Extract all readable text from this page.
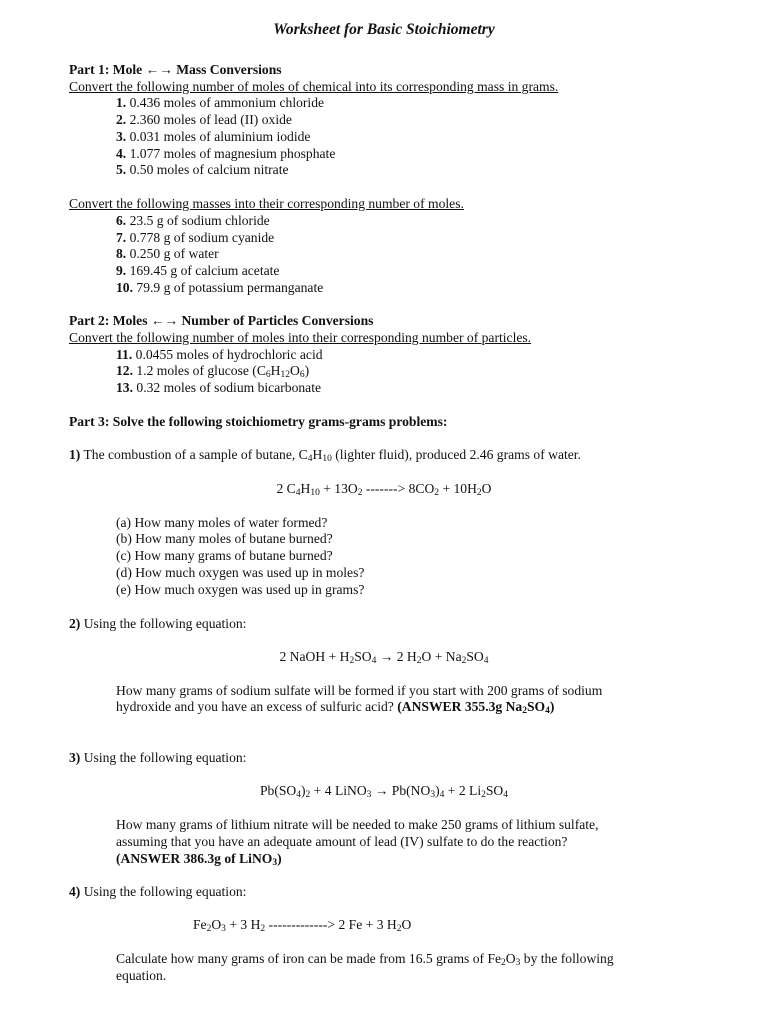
Worksheet for Basic Stoichiometry
Part 1: Mole ←→ Mass Conversions
Convert the following number of moles of chemical into its corresponding mass in grams.
1. 0.436 moles of ammonium chloride
2. 2.360 moles of lead (II) oxide
3. 0.031 moles of aluminium iodide
4. 1.077 moles of magnesium phosphate
5. 0.50 moles of calcium nitrate
Convert the following masses into their corresponding number of moles.
6. 23.5 g of sodium chloride
7. 0.778 g of sodium cyanide
8. 0.250 g of water
9. 169.45 g of calcium acetate
10. 79.9 g of potassium permanganate
Part 2: Moles ←→ Number of Particles Conversions
Convert the following number of moles into their corresponding number of particles.
11. 0.0455 moles of hydrochloric acid
12. 1.2 moles of glucose $(C_6H_{12}O_6)$
13. 0.32 moles of sodium bicarbonate
Part 3: Solve the following stoichiometry grams-grams problems:
1) The combustion of a sample of butane, $C_4H_{10}$ (lighter fluid), produced 2.46 grams of water.
2 $C_4H_{10} + 13O_2$ -------> $8CO_2 + 10H_2O$
(a) How many moles of water formed?
(b) How many moles of butane burned?
(c) How many grams of butane burned?
(d) How much oxygen was used up in moles?
(e) How much oxygen was used up in grams?
2) Using the following equation:
2 NaOH + $H_2SO_4 \to 2$ $H_2O + Na_2SO_4$
How many grams of sodium sulfate will be formed if you start with 200 grams of sodium
hydroxide and you have an excess of sulfuric acid? (ANSWER 355.3g $Na_2SO_4$)
3) Using the following equation:
$Pb(SO_4)_2 + 4$ LiNO$_3$ → $Pb(NO_3)_4 + 2$ $Li_2SO_4$
How many grams of lithium nitrate will be needed to make 250 grams of lithium sulfate,
assuming that you have an adequate amount of lead (IV) sulfate to do the reaction?
(ANSWER 386.3g of LiNO$_3$)
4) Using the following equation:
$Fe_2O_3 + 3$ $H_2$ -------------> 2 Fe + 3 $H_2O$
Calculate how many grams of iron can be made from 16.5 grams of $Fe_2O_3$ by the following
equation.
